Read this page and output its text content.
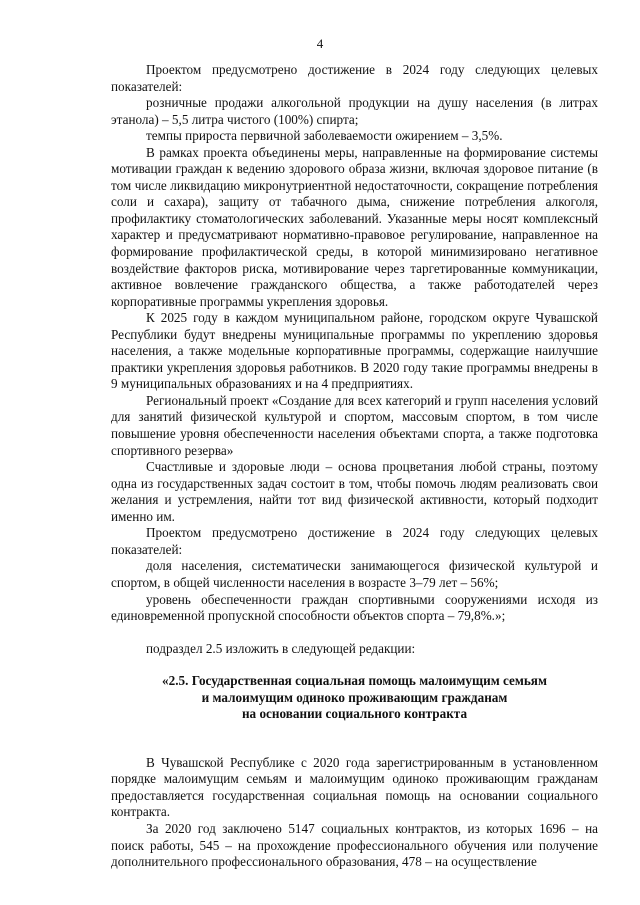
4

Проектом предусмотрено достижение в 2024 году следующих целевых показателей:

розничные продажи алкогольной продукции на душу населения (в литрах этанола) – 5,5 литра чистого (100%) спирта;

темпы прироста первичной заболеваемости ожирением – 3,5%.

В рамках проекта объединены меры, направленные на формирование системы мотивации граждан к ведению здорового образа жизни, включая здоровое питание (в том числе ликвидацию микронутриентной недостаточности, сокращение потребления соли и сахара), защиту от табачного дыма, снижение потребления алкоголя, профилактику стоматологических заболеваний. Указанные меры носят комплексный характер и предусматривают нормативно-правовое регулирование, направленное на формирование профилактической среды, в которой минимизировано негативное воздействие факторов риска, мотивирование через таргетированные коммуникации, активное вовлечение гражданского общества, а также работодателей через корпоративные программы укрепления здоровья.

К 2025 году в каждом муниципальном районе, городском округе Чувашской Республики будут внедрены муниципальные программы по укреплению здоровья населения, а также модельные корпоративные программы, содержащие наилучшие практики укрепления здоровья работников. В 2020 году такие программы внедрены в 9 муниципальных образованиях и на 4 предприятиях.

Региональный проект «Создание для всех категорий и групп населения условий для занятий физической культурой и спортом, массовым спортом, в том числе повышение уровня обеспеченности населения объектами спорта, а также подготовка спортивного резерва»

Счастливые и здоровые люди – основа процветания любой страны, поэтому одна из государственных задач состоит в том, чтобы помочь людям реализовать свои желания и устремления, найти тот вид физической активности, который подходит именно им.

Проектом предусмотрено достижение в 2024 году следующих целевых показателей:

доля населения, систематически занимающегося физической культурой и спортом, в общей численности населения в возрасте 3–79 лет – 56%;

уровень обеспеченности граждан спортивными сооружениями исходя из единовременной пропускной способности объектов спорта – 79,8%.»;

подраздел 2.5 изложить в следующей редакции:

«2.5. Государственная социальная помощь малоимущим семьям
и малоимущим одиноко проживающим гражданам
на основании социального контракта

В Чувашской Республике с 2020 года зарегистрированным в установленном порядке малоимущим семьям и малоимущим одиноко проживающим гражданам предоставляется государственная социальная помощь на основании социального контракта.

За 2020 год заключено 5147 социальных контрактов, из которых 1696 – на поиск работы, 545 – на прохождение профессионального обучения или получение дополнительного профессионального образования, 478 – на осуществление
